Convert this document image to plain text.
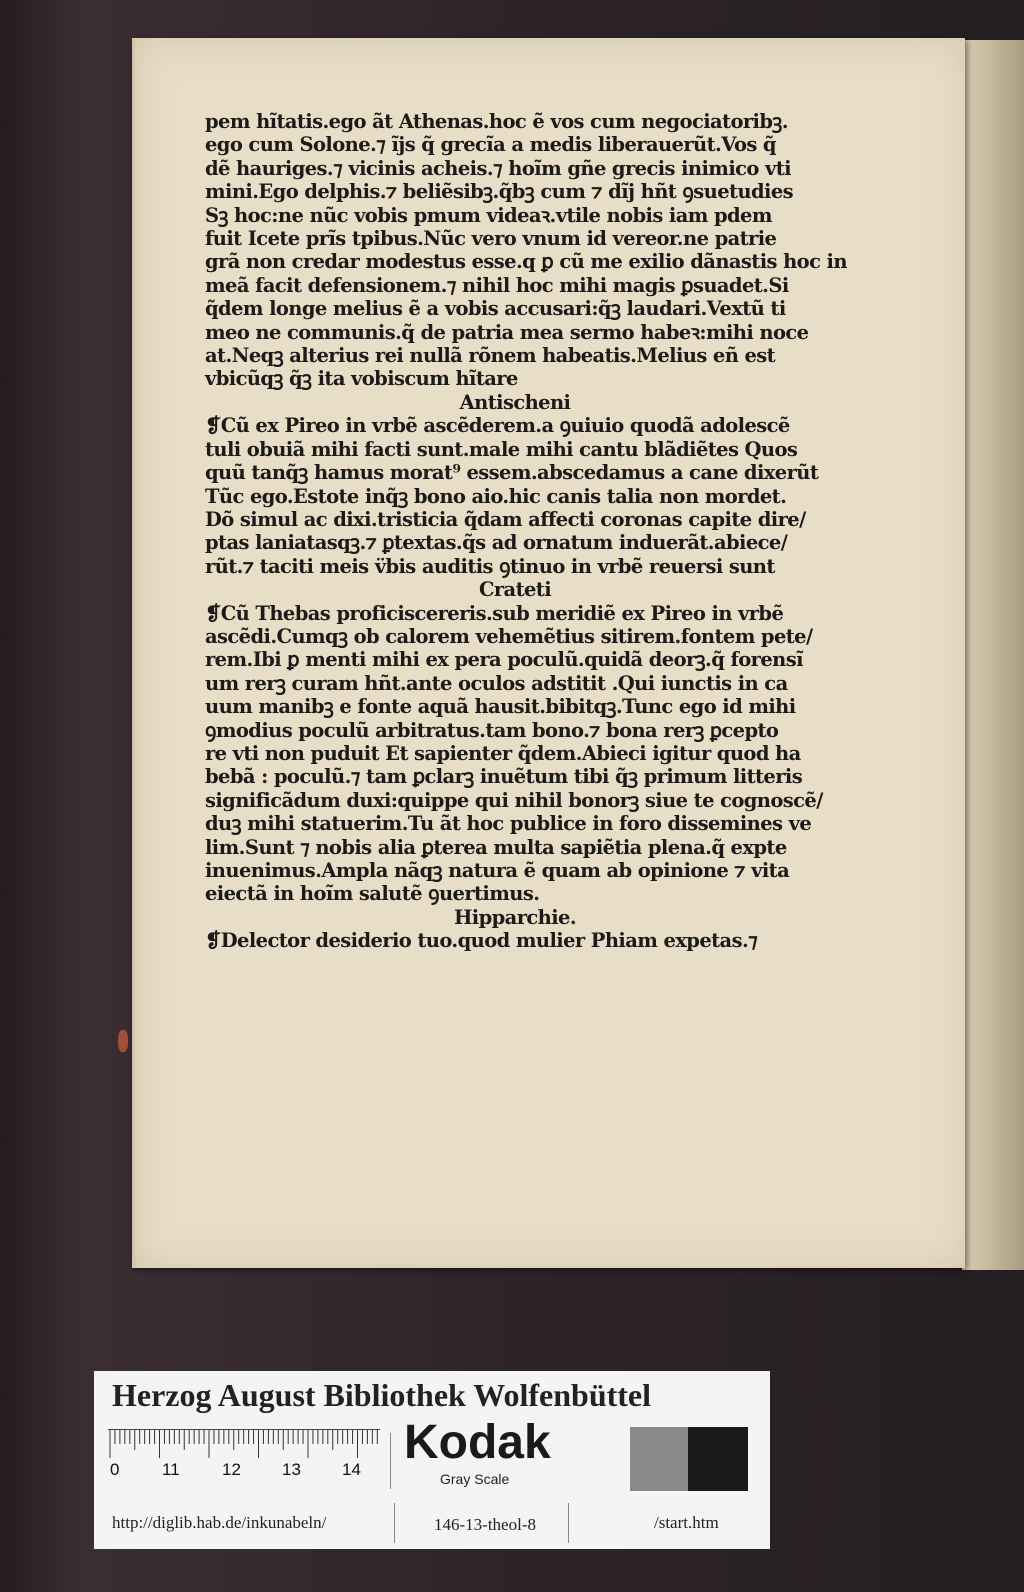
pem hĩtatis.ego ãt Athenas.hoc ẽ vos cum negociatoribꝫ.
ego cum Solone.⁊ ĩjs q̃ grecĩa a medis liberauerũt.Vos q̃
dẽ hauriges.⁊ vicinis acheis.⁊ hoĩm gñe grecis inimico vti
mini.Ego delphis.⁊ beliẽsibꝫ.q̃bꝫ cum ⁊ dĩj hñt ꝯsuetudies
Sꝫ hoc:ne nũc vobis pmum videaꝛ.vtile nobis iam pdem
fuit Icete prĩs tpibus.Nũc vero vnum id vereor.ne patrie
grã non credar modestus esse.q ꝑ cũ me exilio dãnastis hoc in
meã facit defensionem.⁊ nihil hoc mihi magis ꝑsuadet.Si
q̃dem longe melius ẽ a vobis accusari:q̃ꝫ laudari.Vextũ ti
meo ne communis.q̃ de patria mea sermo habeꝛ:mihi noce
at.Neqꝫ alterius rei nullã rõnem habeatis.Melius eñ est
vbicũqꝫ q̃ꝫ ita vobiscum hĩtare
Antischeni
❡Cũ ex Pireo in vrbẽ ascẽderem.a ꝯuiuio quodã adolescẽ
tuli obuiã mihi facti sunt.male mihi cantu blãdiẽtes Quos
quũ tanq̃ꝫ hamus morat⁹ essem.abscedamus a cane dixerũt
Tũc ego.Estote inq̃ꝫ bono aio.hic canis talia non mordet.
Dõ simul ac dixi.tristicia q̃dam affecti coronas capite dire/
ptas laniatasqꝫ.⁊ ꝑtextas.q̃s ad ornatum induerãt.abiece/
rũt.⁊ taciti meis v̈bis auditis ꝯtinuo in vrbẽ reuersi sunt
Crateti
❡Cũ Thebas proficiscereris.sub meridiẽ ex Pireo in vrbẽ
ascẽdi.Cumqꝫ ob calorem vehemẽtius sitirem.fontem pete/
rem.Ibi ꝑ menti mihi ex pera poculũ.quidã deorꝫ.q̃ forensĩ
um rerꝫ curam hñt.ante oculos adstitit .Qui iunctis in ca
uum manibꝫ e fonte aquã hausit.bibitqꝫ.Tunc ego id mihi
ꝯmodius poculũ arbitratus.tam bono.⁊ bona rerꝫ ꝑcepto
re vti non puduit Et sapienter q̃dem.Abieci igitur quod ha
bebã : poculũ.⁊ tam ꝑclarꝫ inuẽtum tibi q̃ꝫ primum litteris
significãdum duxi:quippe qui nihil bonorꝫ siue te cognoscẽ/
duꝫ mihi statuerim.Tu ãt hoc publice in foro dissemines ve
lim.Sunt ⁊ nobis alia ꝑterea multa sapiẽtia plena.q̃ expte
inuenimus.Ampla nãqꝫ natura ẽ quam ab opinione ⁊ vita
eiectã in hoĩm salutẽ ꝯuertimus.
Hipparchie.
❡Delector desiderio tuo.quod mulier Phiam expetas.⁊
Herzog August Bibliothek Wolfenbüttel
0	11 12 13 14
Kodak
Gray Scale
http://diglib.hab.de/inkunabeln/	146-13-theol-8	/start.htm
